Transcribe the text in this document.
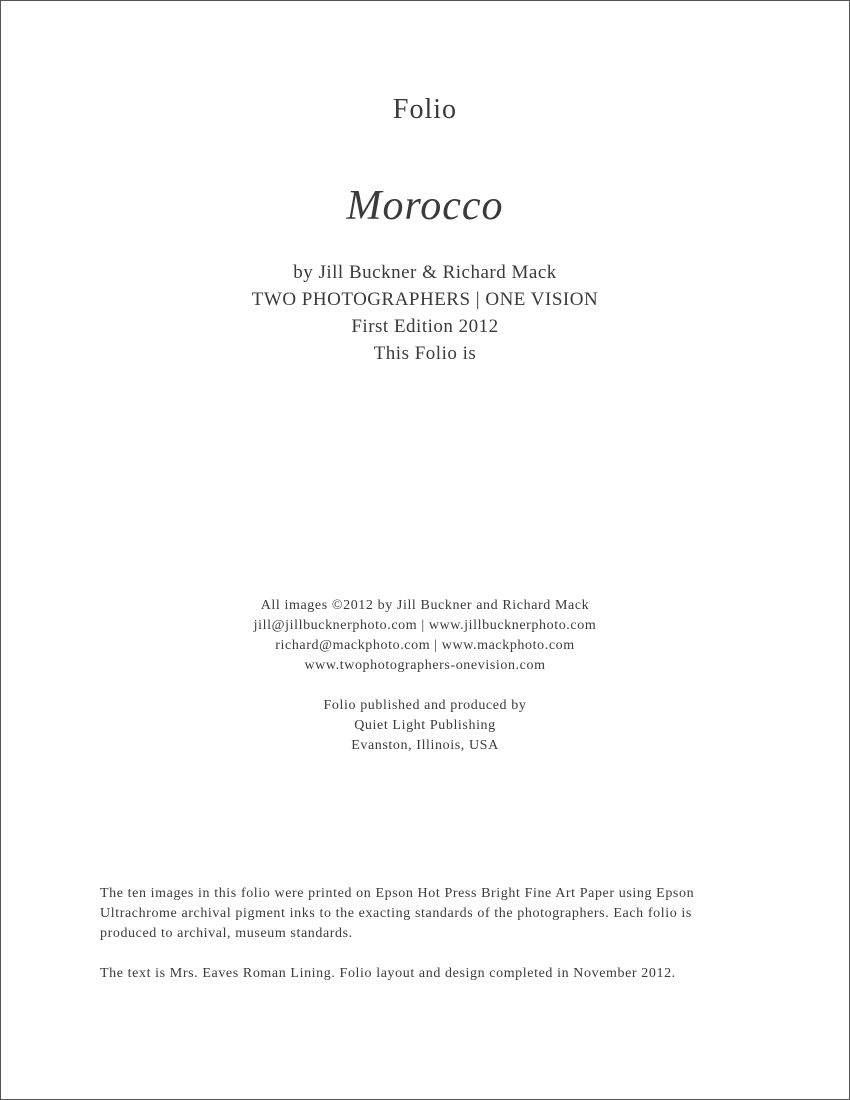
Folio
Morocco
by Jill Buckner & Richard Mack
TWO PHOTOGRAPHERS | ONE VISION
First Edition 2012
This Folio is
All images ©2012 by Jill Buckner and Richard Mack
jill@jillbucknerphoto.com | www.jillbucknerphoto.com
richard@mackphoto.com | www.mackphoto.com
www.twophotographers-onevision.com
Folio published and produced by
Quiet Light Publishing
Evanston, Illinois, USA
The ten images in this folio were printed on Epson Hot Press Bright Fine Art Paper using Epson
Ultrachrome archival pigment inks to the exacting standards of the photographers. Each folio is
produced to archival, museum standards.
The text is Mrs. Eaves Roman Lining. Folio layout and design completed in November 2012.
